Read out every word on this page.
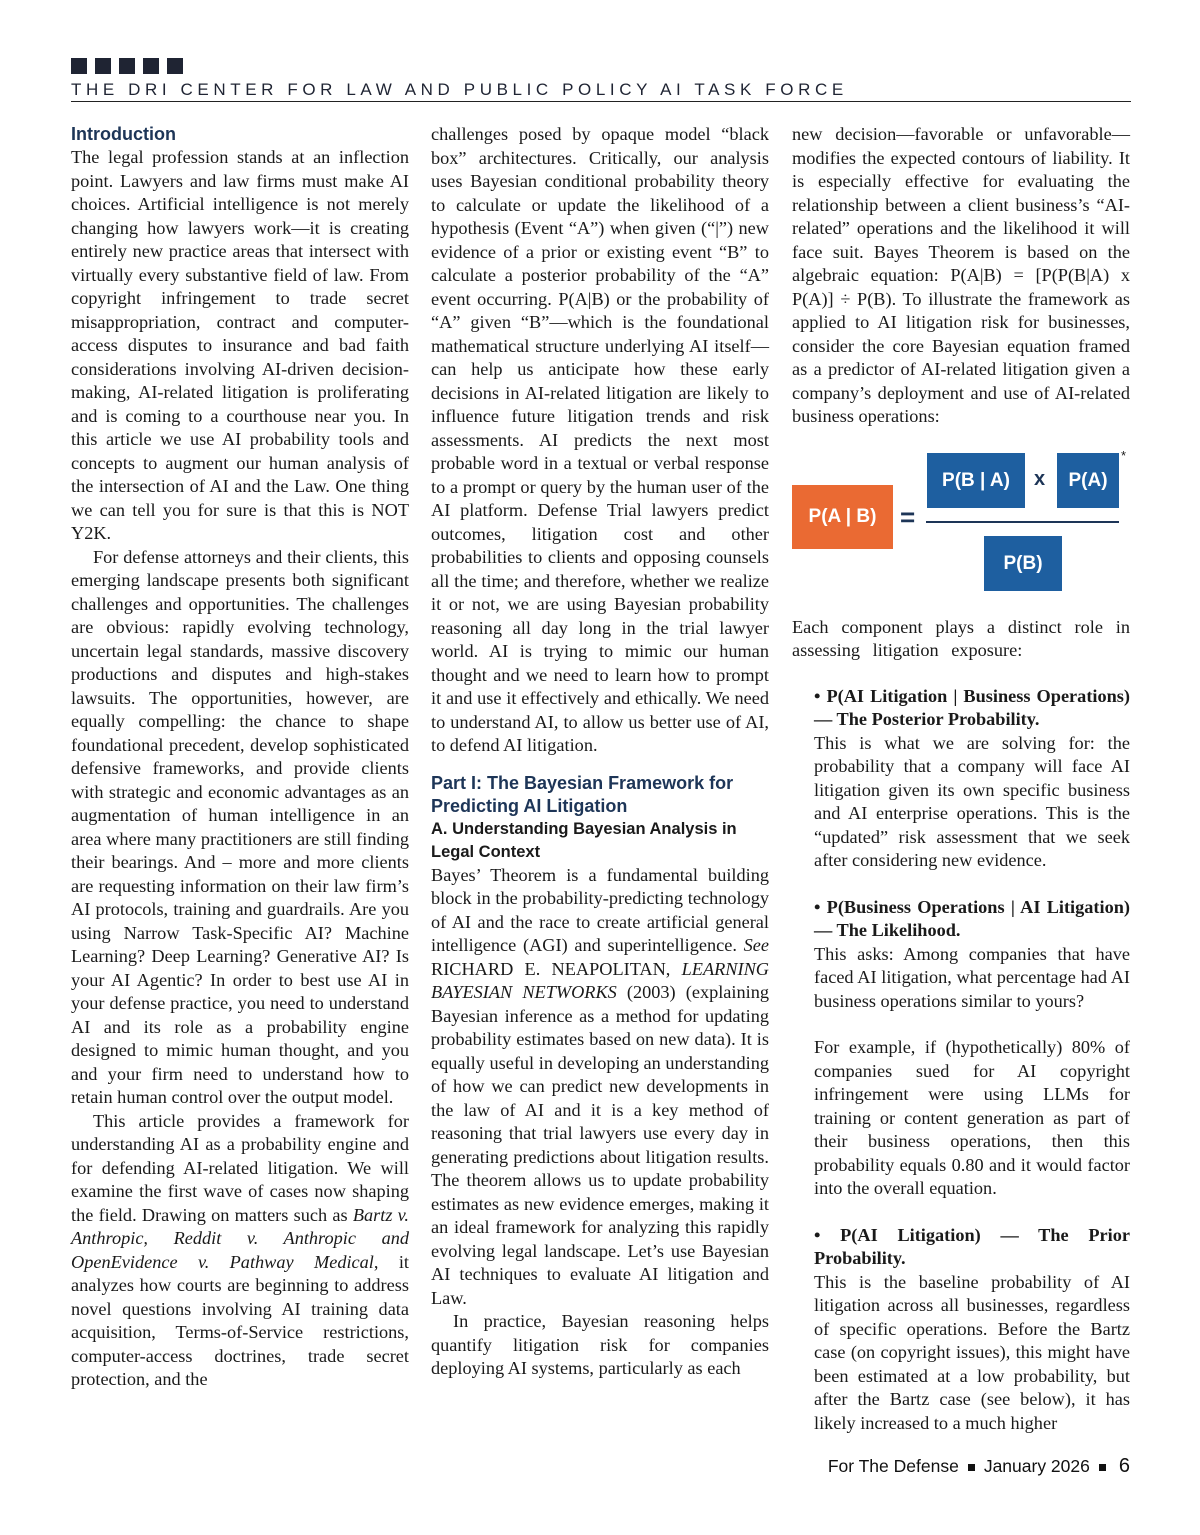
THE DRI CENTER FOR LAW AND PUBLIC POLICY AI TASK FORCE

Introduction

The legal profession stands at an inflection point. Lawyers and law firms must make AI choices. Artificial intelligence is not merely changing how lawyers work—it is creating entirely new practice areas that intersect with virtually every substantive field of law. From copyright infringement to trade secret misappropriation, contract and computer-access disputes to insurance and bad faith considerations involving AI-driven decision-making, AI-related litigation is proliferating and is coming to a courthouse near you. In this article we use AI probability tools and concepts to augment our human analysis of the intersection of AI and the Law. One thing we can tell you for sure is that this is NOT Y2K.

For defense attorneys and their clients, this emerging landscape presents both significant challenges and opportunities. The challenges are obvious: rapidly evolving technology, uncertain legal standards, massive discovery productions and disputes and high-stakes lawsuits. The opportunities, however, are equally compelling: the chance to shape foundational precedent, develop sophisticated defensive frameworks, and provide clients with strategic and economic advantages as an augmentation of human intelligence in an area where many practitioners are still finding their bearings. And – more and more clients are requesting information on their law firm’s AI protocols, training and guardrails. Are you using Narrow Task-Specific AI? Machine Learning? Deep Learning? Generative AI? Is your AI Agentic? In order to best use AI in your defense practice, you need to understand AI and its role as a probability engine designed to mimic human thought, and you and your firm need to understand how to retain human control over the output model.

This article provides a framework for understanding AI as a probability engine and for defending AI-related litigation. We will examine the first wave of cases now shaping the field. Drawing on matters such as Bartz v. Anthropic, Reddit v. Anthropic and OpenEvidence v. Pathway Medical, it analyzes how courts are beginning to address novel questions involving AI training data acquisition, Terms-of-Service restrictions, computer-access doctrines, trade secret protection, and the

challenges posed by opaque model “black box” architectures. Critically, our analysis uses Bayesian conditional probability theory to calculate or update the likelihood of a hypothesis (Event “A”) when given (“|”) new evidence of a prior or existing event “B” to calculate a posterior probability of the “A” event occurring. P(A|B) or the probability of “A” given “B”—which is the foundational mathematical structure underlying AI itself—can help us anticipate how these early decisions in AI-related litigation are likely to influence future litigation trends and risk assessments. AI predicts the next most probable word in a textual or verbal response to a prompt or query by the human user of the AI platform. Defense Trial lawyers predict outcomes, litigation cost and other probabilities to clients and opposing counsels all the time; and therefore, whether we realize it or not, we are using Bayesian probability reasoning all day long in the trial lawyer world. AI is trying to mimic our human thought and we need to learn how to prompt it and use it effectively and ethically. We need to understand AI, to allow us better use of AI, to defend AI litigation.

Part I: The Bayesian Framework for Predicting AI Litigation

A. Understanding Bayesian Analysis in Legal Context

Bayes’ Theorem is a fundamental building block in the probability-predicting technology of AI and the race to create artificial general intelligence (AGI) and superintelligence. See RICHARD E. NEAPOLITAN, LEARNING BAYESIAN NETWORKS (2003) (explaining Bayesian inference as a method for updating probability estimates based on new data). It is equally useful in developing an understanding of how we can predict new developments in the law of AI and it is a key method of reasoning that trial lawyers use every day in generating predictions about litigation results. The theorem allows us to update probability estimates as new evidence emerges, making it an ideal framework for analyzing this rapidly evolving legal landscape. Let’s use Bayesian AI techniques to evaluate AI litigation and Law.

In practice, Bayesian reasoning helps quantify litigation risk for companies deploying AI systems, particularly as each

new decision—favorable or unfavorable—modifies the expected contours of liability. It is especially effective for evaluating the relationship between a client business’s “AI-related” operations and the likelihood it will face suit. Bayes Theorem is based on the algebraic equation: P(A|B) = [P(P(B|A) x P(A)] ÷ P(B). To illustrate the framework as applied to AI litigation risk for businesses, consider the core Bayesian equation framed as a predictor of AI-related litigation given a company’s deployment and use of AI-related business operations:

Each component plays a distinct role in assessing litigation exposure:

• P(AI Litigation | Business Operations) — The Posterior Probability.

This is what we are solving for: the probability that a company will face AI litigation given its own specific business and AI enterprise operations. This is the “updated” risk assessment that we seek after considering new evidence.

• P(Business Operations | AI Litigation) — The Likelihood.

This asks: Among companies that have faced AI litigation, what percentage had AI business operations similar to yours?

For example, if (hypothetically) 80% of companies sued for AI copyright infringement were using LLMs for training or content generation as part of their business operations, then this probability equals 0.80 and it would factor into the overall equation.

• P(AI Litigation) — The Prior Probability.

This is the baseline probability of AI litigation across all businesses, regardless of specific operations. Before the Bartz case (on copyright issues), this might have been estimated at a low probability, but after the Bartz case (see below), it has likely increased to a much higher

P(A | B) =
P(B | A)	x	P(A)
*
P(B)
For The Defense January 2026 6
